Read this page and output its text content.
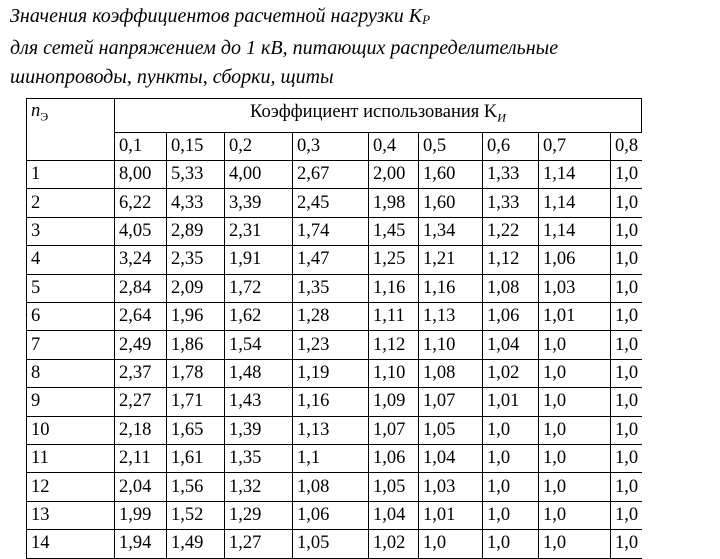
Значения коэффициентов расчетной нагрузки $К_Р$
для сетей напряжением до 1 кВ, питающих распределительные
шинопроводы, пункты, сборки, щиты
$n_Э$	Коэффициент использования $K_И$
	0,1	0,15	0,2	0,3	0,4	0,5	0,6	0,7	0,8
1	8,00	5,33	4,00	2,67	2,00	1,60	1,33	1,14	1,0
2	6,22	4,33	3,39	2,45	1,98	1,60	1,33	1,14	1,0
3	4,05	2,89	2,31	1,74	1,45	1,34	1,22	1,14	1,0
4	3,24	2,35	1,91	1,47	1,25	1,21	1,12	1,06	1,0
5	2,84	2,09	1,72	1,35	1,16	1,16	1,08	1,03	1,0
6	2,64	1,96	1,62	1,28	1,11	1,13	1,06	1,01	1,0
7	2,49	1,86	1,54	1,23	1,12	1,10	1,04	1,0	1,0
8	2,37	1,78	1,48	1,19	1,10	1,08	1,02	1,0	1,0
9	2,27	1,71	1,43	1,16	1,09	1,07	1,01	1,0	1,0
10	2,18	1,65	1,39	1,13	1,07	1,05	1,0	1,0	1,0
11	2,11	1,61	1,35	1,1	1,06	1,04	1,0	1,0	1,0
12	2,04	1,56	1,32	1,08	1,05	1,03	1,0	1,0	1,0
13	1,99	1,52	1,29	1,06	1,04	1,01	1,0	1,0	1,0
14	1,94	1,49	1,27	1,05	1,02	1,0	1,0	1,0	1,0
